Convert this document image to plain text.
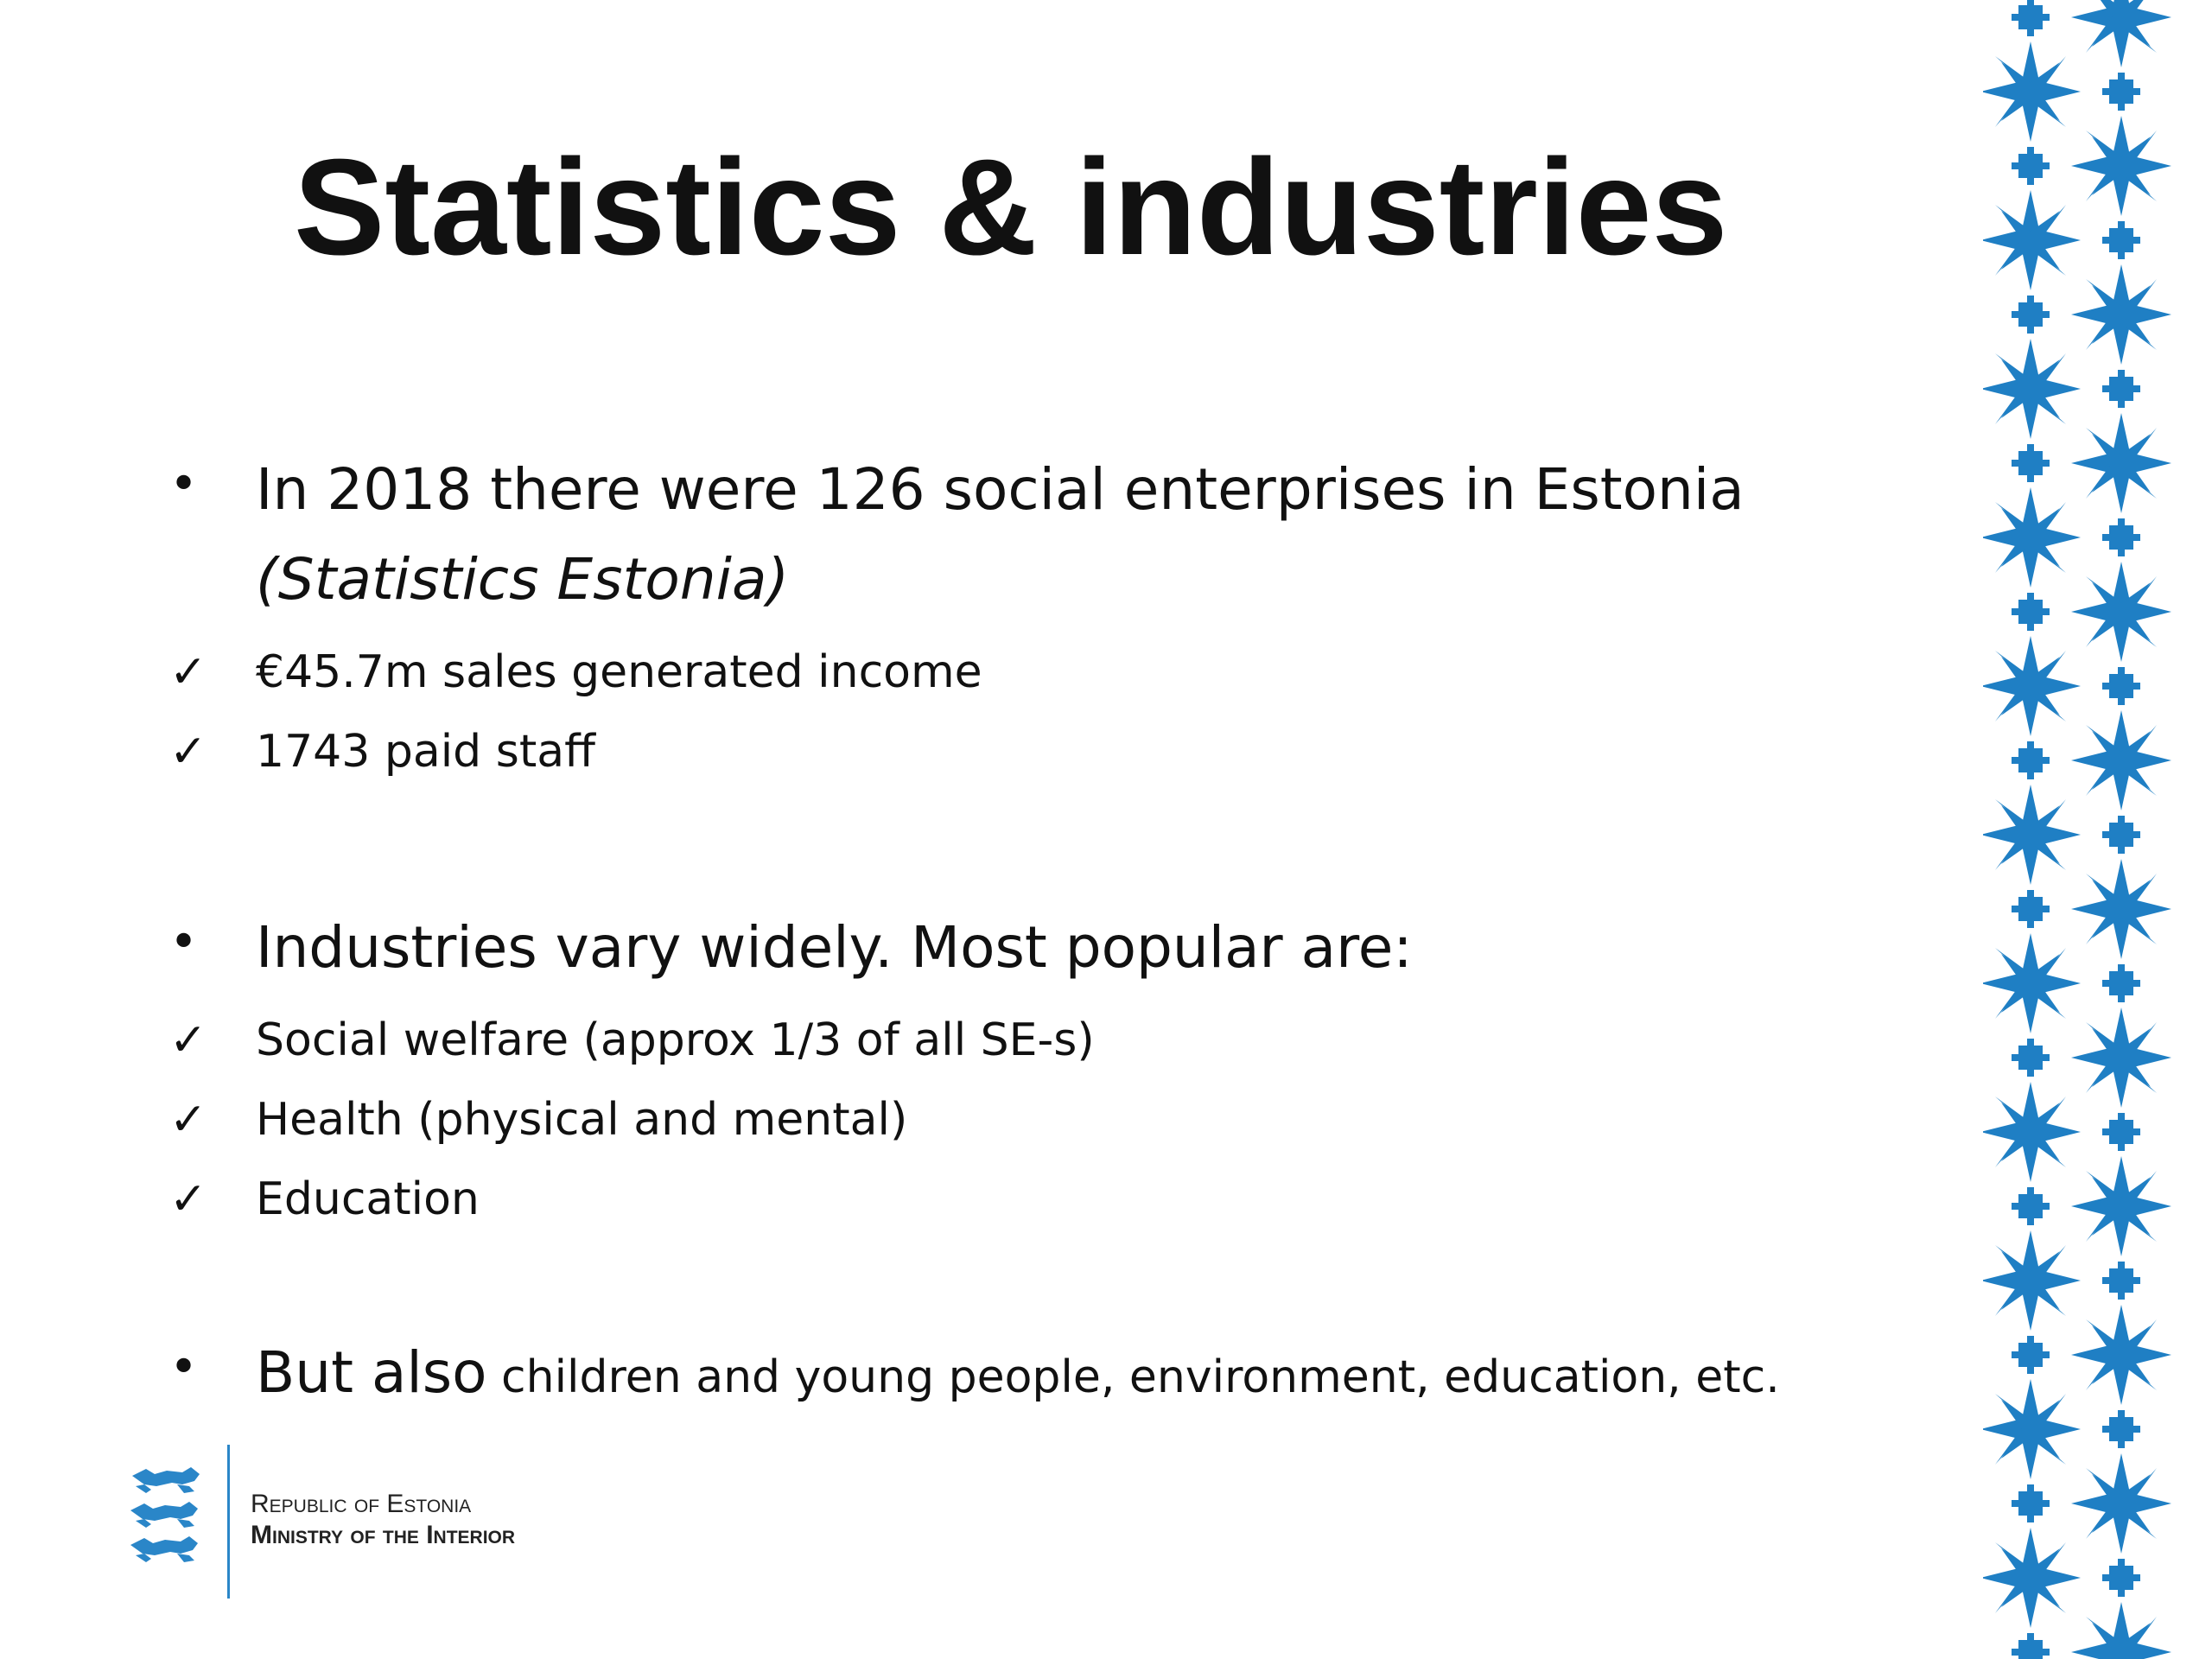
Statistics & industries
•	In 2018 there were 126 social enterprises in Estonia
(Statistics Estonia)
✓	€45.7m sales generated income
✓	1743 paid staff
•	Industries vary widely. Most popular are:
✓	Social welfare (approx 1/3 of all SE-s)
✓	Health (physical and mental)
✓	Education
•	But also children and young people, environment, education, etc.
Republic of Estonia
Ministry of the Interior
